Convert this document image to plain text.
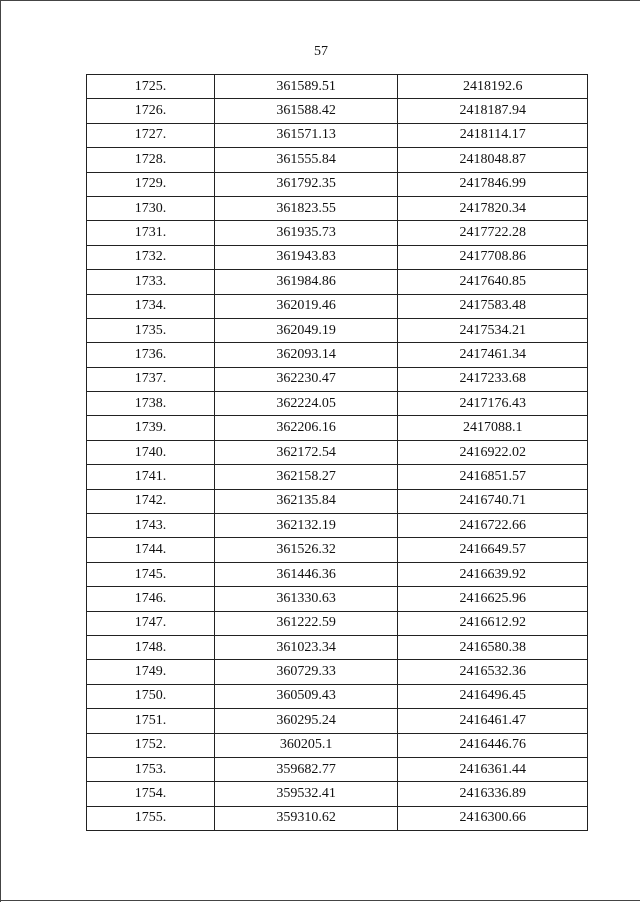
57
1725.	361589.51	2418192.6
1726.	361588.42	2418187.94
1727.	361571.13	2418114.17
1728.	361555.84	2418048.87
1729.	361792.35	2417846.99
1730.	361823.55	2417820.34
1731.	361935.73	2417722.28
1732.	361943.83	2417708.86
1733.	361984.86	2417640.85
1734.	362019.46	2417583.48
1735.	362049.19	2417534.21
1736.	362093.14	2417461.34
1737.	362230.47	2417233.68
1738.	362224.05	2417176.43
1739.	362206.16	2417088.1
1740.	362172.54	2416922.02
1741.	362158.27	2416851.57
1742.	362135.84	2416740.71
1743.	362132.19	2416722.66
1744.	361526.32	2416649.57
1745.	361446.36	2416639.92
1746.	361330.63	2416625.96
1747.	361222.59	2416612.92
1748.	361023.34	2416580.38
1749.	360729.33	2416532.36
1750.	360509.43	2416496.45
1751.	360295.24	2416461.47
1752.	360205.1	2416446.76
1753.	359682.77	2416361.44
1754.	359532.41	2416336.89
1755.	359310.62	2416300.66
